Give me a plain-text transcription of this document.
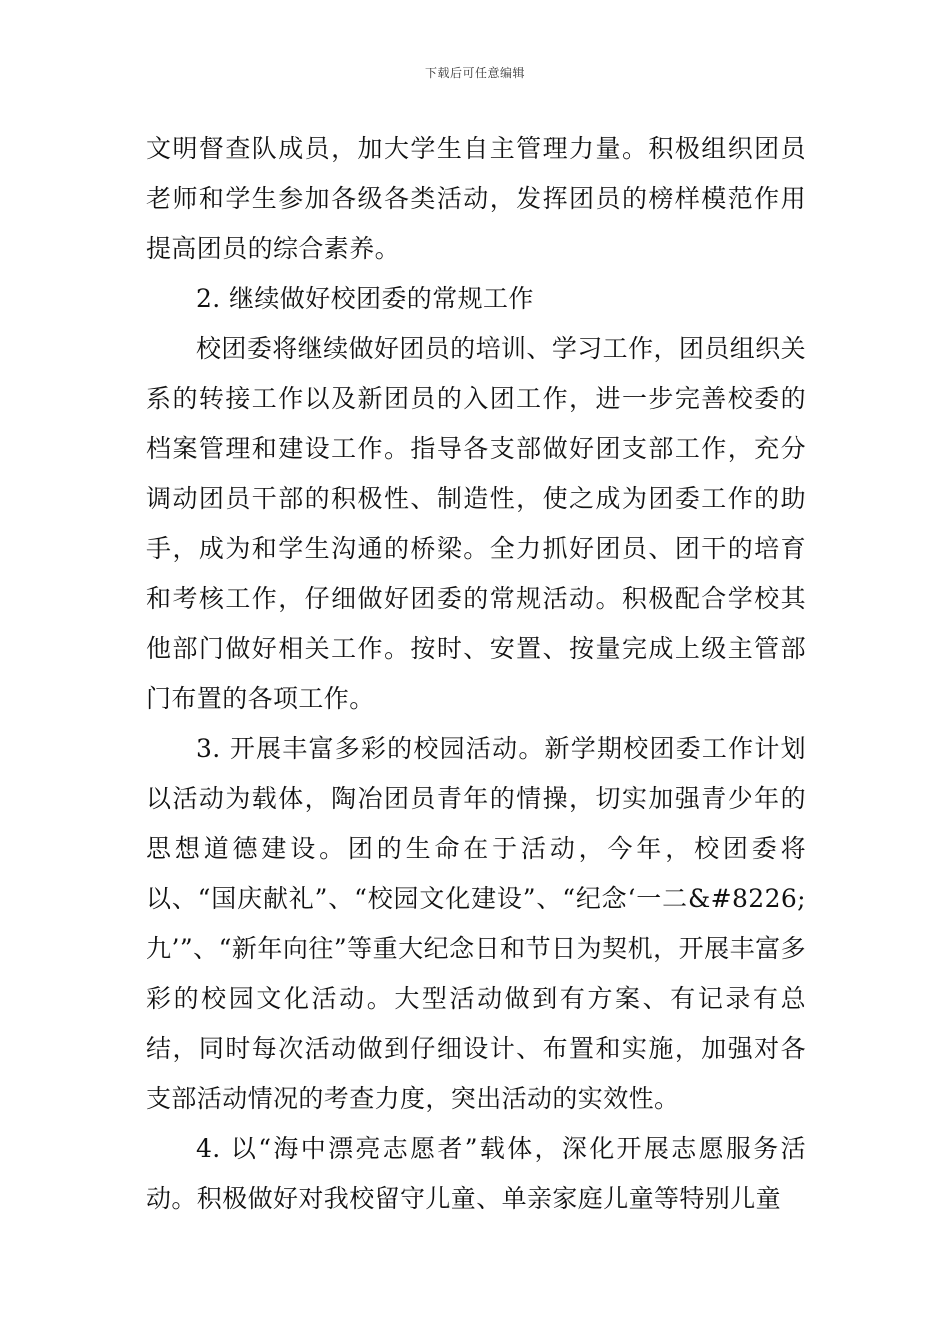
下载后可任意编辑

文明督查队成员，加大学生自主管理力量。积极组织团员老师和学生参加各级各类活动，发挥团员的榜样模范作用提高团员的综合素养。

2. 继续做好校团委的常规工作

校团委将继续做好团员的培训、学习工作，团员组织关系的转接工作以及新团员的入团工作，进一步完善校委的档案管理和建设工作。指导各支部做好团支部工作，充分调动团员干部的积极性、制造性，使之成为团委工作的助手，成为和学生沟通的桥梁。全力抓好团员、团干的培育和考核工作，仔细做好团委的常规活动。积极配合学校其他部门做好相关工作。按时、安置、按量完成上级主管部门布置的各项工作。

3. 开展丰富多彩的校园活动。新学期校团委工作计划以活动为载体，陶冶团员青年的情操，切实加强青少年的思想道德建设。团的生命在于活动，今年，校团委将以、“国庆献礼”、“校园文化建设”、“纪念‘一二&#8226;九’”、“新年向往”等重大纪念日和节日为契机，开展丰富多彩的校园文化活动。大型活动做到有方案、有记录有总结，同时每次活动做到仔细设计、布置和实施，加强对各支部活动情况的考查力度，突出活动的实效性。

4. 以“海中漂亮志愿者”载体，深化开展志愿服务活动。积极做好对我校留守儿童、单亲家庭儿童等特别儿童
